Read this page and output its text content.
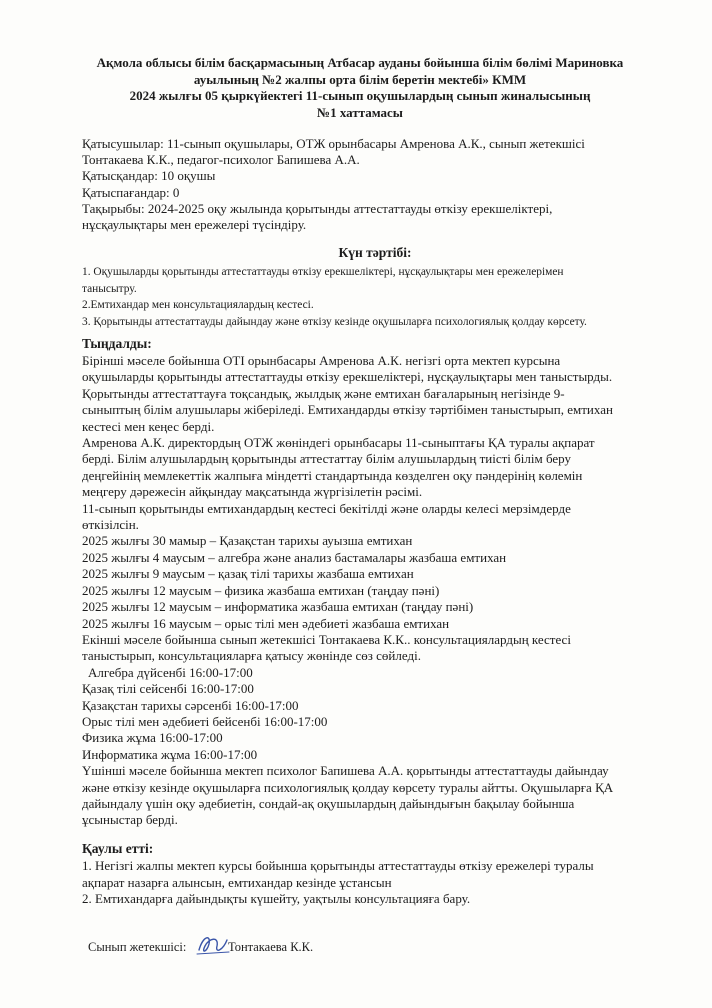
Ақмола облысы білім басқармасының Атбасар ауданы бойынша білім бөлімі Мариновка
ауылының №2 жалпы орта білім беретін мектебі» КММ
2024 жылғы 05 қыркүйектегі 11-сынып оқушылардың сынып жиналысының
№1 хаттамасы
Қатысушылар: 11-сынып оқушылары, ОТЖ орынбасары Амренова А.К., сынып жетекшісі
Тонтакаева К.К., педагог-психолог Бапишева А.А.
Қатысқандар: 10 оқушы
Қатыспағандар: 0
Тақырыбы: 2024-2025 оқу жылында қорытынды аттестаттауды өткізу ерекшеліктері,
нұсқаулықтары мен ережелері түсіндіру.
Күн тәртібі:
1. Оқушыларды қорытынды аттестаттауды өткізу ерекшеліктері, нұсқаулықтары мен ережелерімен
танысытру.
2.Емтихандар мен консультациялардың кестесі.
3. Қорытынды аттестаттауды дайындау және өткізу кезінде оқушыларға психологиялық қолдау көрсету.
Тыңдалды:
Бірінші мәселе бойынша ОТІ орынбасары Амренова А.К. негізгі орта мектеп курсына
оқушыларды қорытынды аттестаттауды өткізу ерекшеліктері, нұсқаулықтары мен таныстырды.
Қорытынды аттестаттауға тоқсандық, жылдық және емтихан бағаларының негізінде 9-
сыныптың білім алушылары жіберіледі. Емтихандарды өткізу тәртібімен таныстырып, емтихан
кестесі мен кеңес берді.
Амренова А.К. директордың ОТЖ жөніндегі орынбасары 11-сыныптағы ҚА туралы ақпарат
берді. Білім алушылардың қорытынды аттестаттау білім алушылардың тиісті білім беру
деңгейінің мемлекеттік жалпыға міндетті стандартында көзделген оқу пәндерінің көлемін
меңгеру дәрежесін айқындау мақсатында жүргізілетін рәсімі.
11-сынып қорытынды емтихандардың кестесі бекітілді және оларды келесі мерзімдерде
өткізілсін.
2025 жылғы 30 мамыр – Қазақстан тарихы ауызша емтихан
2025 жылғы 4 маусым – алгебра және анализ бастамалары жазбаша емтихан
2025 жылғы 9 маусым – қазақ тілі тарихы жазбаша емтихан
2025 жылғы 12 маусым – физика жазбаша емтихан (таңдау пәні)
2025 жылғы 12 маусым – информатика жазбаша емтихан (таңдау пәні)
2025 жылғы 16 маусым – орыс тілі мен әдебиеті жазбаша емтихан
Екінші мәселе бойынша сынып жетекшісі Тонтакаева К.К.. консультациялардың кестесі
таныстырып, консультацияларға қатысу жөнінде сөз сөйледі.
Алгебра дүйсенбі 16:00-17:00
Қазақ тілі сейсенбі 16:00-17:00
Қазақстан тарихы сәрсенбі 16:00-17:00
Орыс тілі мен әдебиеті бейсенбі 16:00-17:00
Физика жұма 16:00-17:00
Информатика жұма 16:00-17:00
Үшінші мәселе бойынша мектеп психолог Бапишева А.А. қорытынды аттестаттауды дайындау
және өткізу кезінде оқушыларға психологиялық қолдау көрсету туралы айтты. Оқушыларға ҚА
дайындалу үшін оқу әдебиетін, сондай-ақ оқушылардың дайындығын бақылау бойынша
ұсыныстар берді.
Қаулы етті:
1. Негізгі жалпы мектеп курсы бойынша қорытынды аттестаттауды өткізу ережелері туралы
ақпарат назарға алынсын, емтихандар кезінде ұстансын
2. Емтихандарға дайындықты күшейту, уақтылы консультацияға бару.
Сынып жетекшісі:	Тонтакаева К.К.
